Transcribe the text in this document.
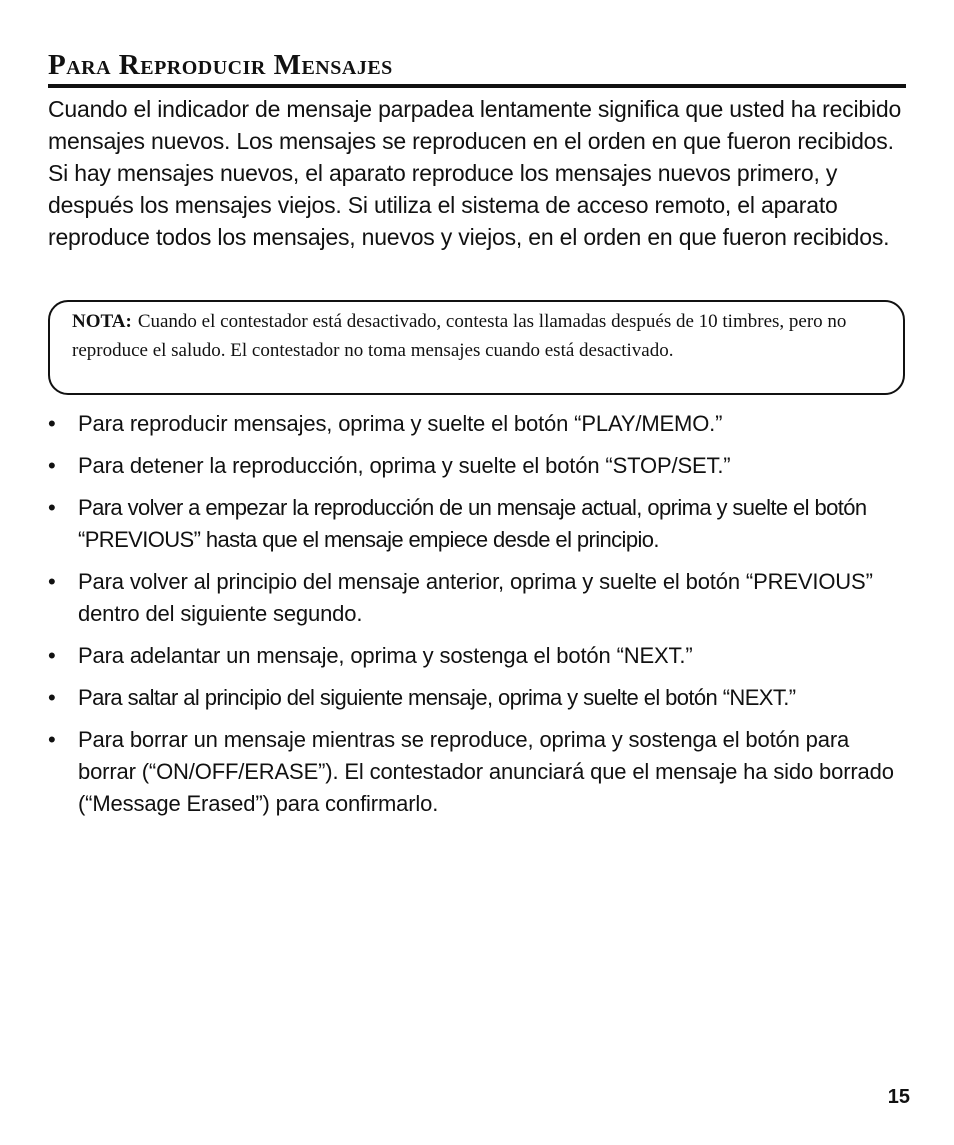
Para Reproducir Mensajes

Cuando el indicador de mensaje parpadea lentamente significa que usted ha recibido mensajes nuevos. Los mensajes se reproducen en el orden en que fueron recibidos. Si hay mensajes nuevos, el aparato reproduce los mensajes nuevos primero, y después los mensajes viejos. Si utiliza el sistema de acceso remoto, el aparato reproduce todos los mensajes, nuevos y viejos, en el orden en que fueron recibidos.

NOTA: Cuando el contestador está desactivado, contesta las llamadas después de 10 timbres, pero no reproduce el saludo. El contestador no toma mensajes cuando está desactivado.
• Para reproducir mensajes, oprima y suelte el botón “PLAY/MEMO.”
• Para detener la reproducción, oprima y suelte el botón “STOP/SET.”
•	Para volver a empezar la reproducción de un mensaje actual, oprima y suelte el botón “PREVIOUS” hasta que el mensaje empiece desde el principio.
• Para volver al principio del mensaje anterior, oprima y suelte el botón “PREVIOUS” dentro del siguiente segundo.
• Para adelantar un mensaje, oprima y sostenga el botón “NEXT.”
•	Para saltar al principio del siguiente mensaje, oprima y suelte el botón “NEXT.”
• Para borrar un mensaje mientras se reproduce, oprima y sostenga el botón para borrar (“ON/OFF/ERASE”). El contestador anunciará que el mensaje ha sido borrado (“Message Erased”) para confirmarlo.
15
